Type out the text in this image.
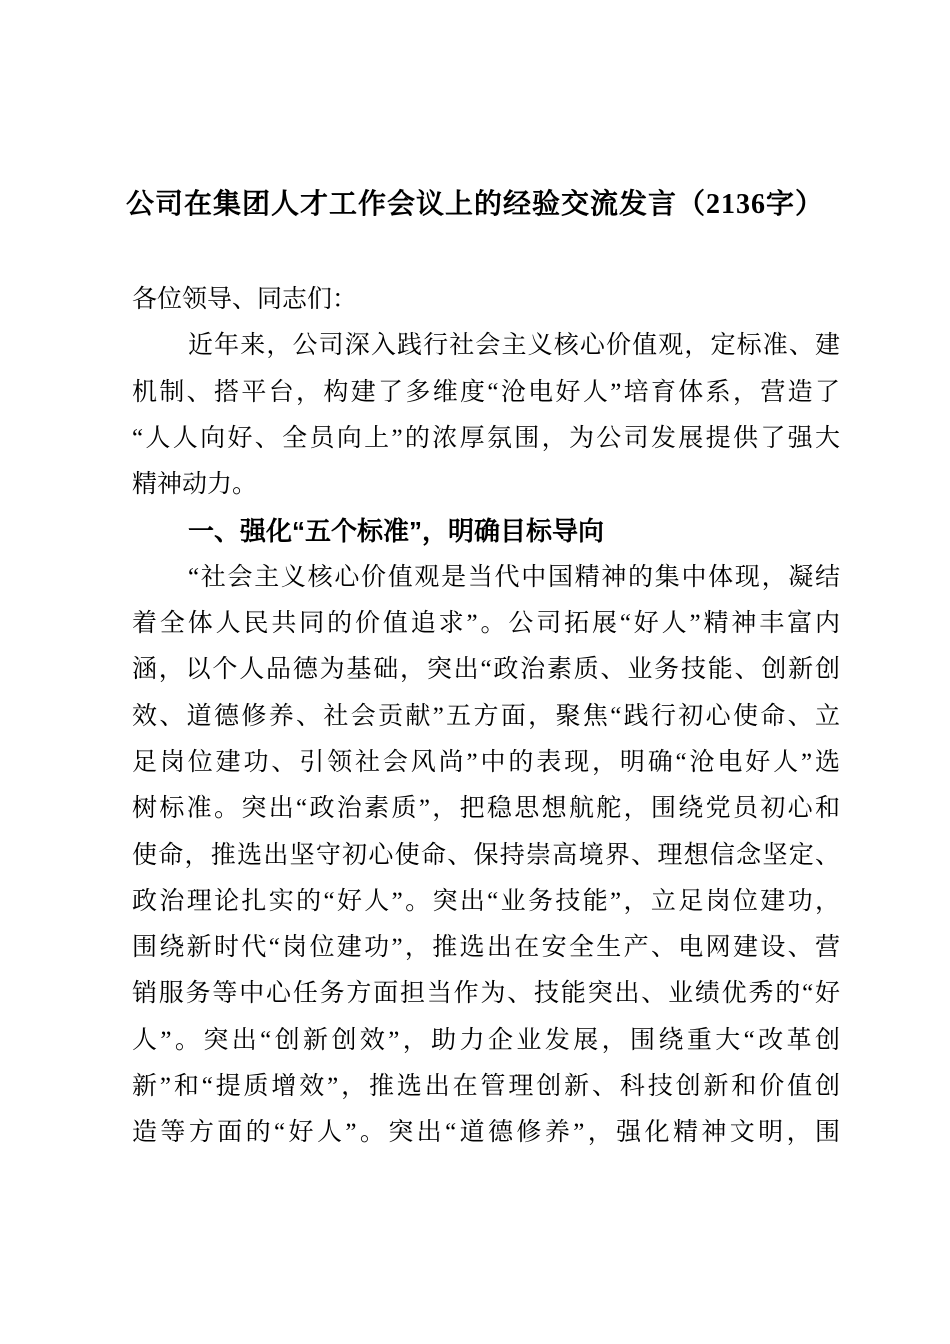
公司在集团人才工作会议上的经验交流发言（2136字）
各位领导、同志们：
近年来，公司深入践行社会主义核心价值观，定标准、建
机制、搭平台，构建了多维度“沧电好人”培育体系，营造了
“人人向好、全员向上”的浓厚氛围，为公司发展提供了强大
精神动力。
一、强化“五个标准”，明确目标导向
“社会主义核心价值观是当代中国精神的集中体现，凝结
着全体人民共同的价值追求”。公司拓展“好人”精神丰富内
涵，以个人品德为基础，突出“政治素质、业务技能、创新创
效、道德修养、社会贡献”五方面，聚焦“践行初心使命、立
足岗位建功、引领社会风尚”中的表现，明确“沧电好人”选
树标准。突出“政治素质”，把稳思想航舵，围绕党员初心和
使命，推选出坚守初心使命、保持崇高境界、理想信念坚定、
政治理论扎实的“好人”。突出“业务技能”，立足岗位建功，
围绕新时代“岗位建功”，推选出在安全生产、电网建设、营
销服务等中心任务方面担当作为、技能突出、业绩优秀的“好
人”。突出“创新创效”，助力企业发展，围绕重大“改革创
新”和“提质增效”，推选出在管理创新、科技创新和价值创
造等方面的“好人”。突出“道德修养”，强化精神文明，围
